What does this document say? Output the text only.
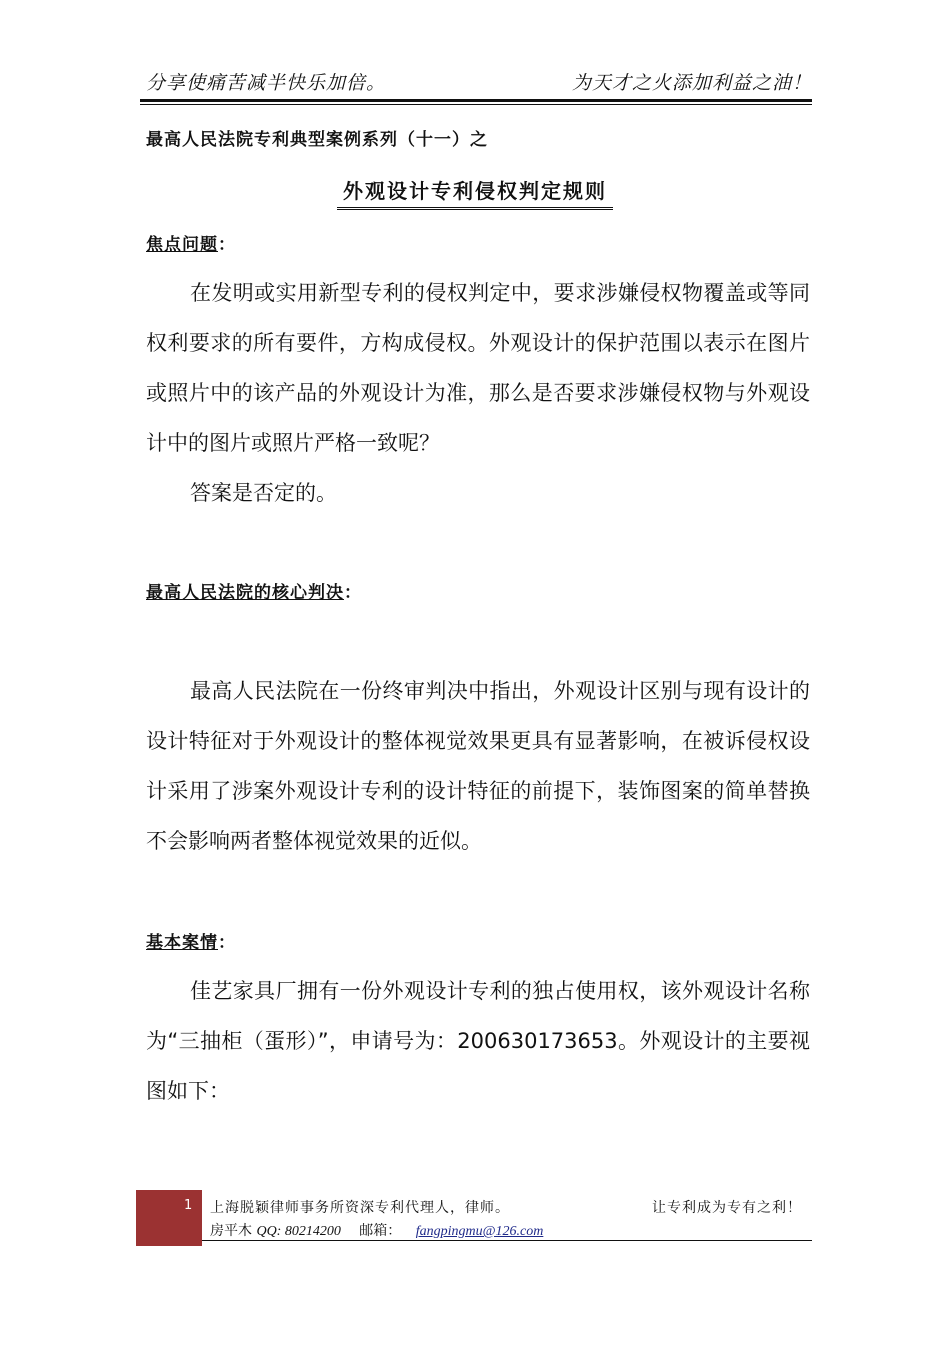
分享使痛苦减半快乐加倍。	为天才之火添加利益之油！
最高人民法院专利典型案例系列（十一）之
外观设计专利侵权判定规则
焦点问题：
在发明或实用新型专利的侵权判定中，要求涉嫌侵权物覆盖或等同权利要求的所有要件，方构成侵权。外观设计的保护范围以表示在图片或照片中的该产品的外观设计为准，那么是否要求涉嫌侵权物与外观设计中的图片或照片严格一致呢？
答案是否定的。
最高人民法院的核心判决：
最高人民法院在一份终审判决中指出，外观设计区别与现有设计的设计特征对于外观设计的整体视觉效果更具有显著影响，在被诉侵权设计采用了涉案外观设计专利的设计特征的前提下，装饰图案的简单替换不会影响两者整体视觉效果的近似。
基本案情：
佳艺家具厂拥有一份外观设计专利的独占使用权，该外观设计名称为“三抽柜（蛋形）”，申请号为：200630173653。外观设计的主要视图如下：
1 上海脱颖律师事务所资深专利代理人，律师。	让专利成为专有之利！
房平木 QQ: 80214200 邮箱： fangpingmu@126.com
